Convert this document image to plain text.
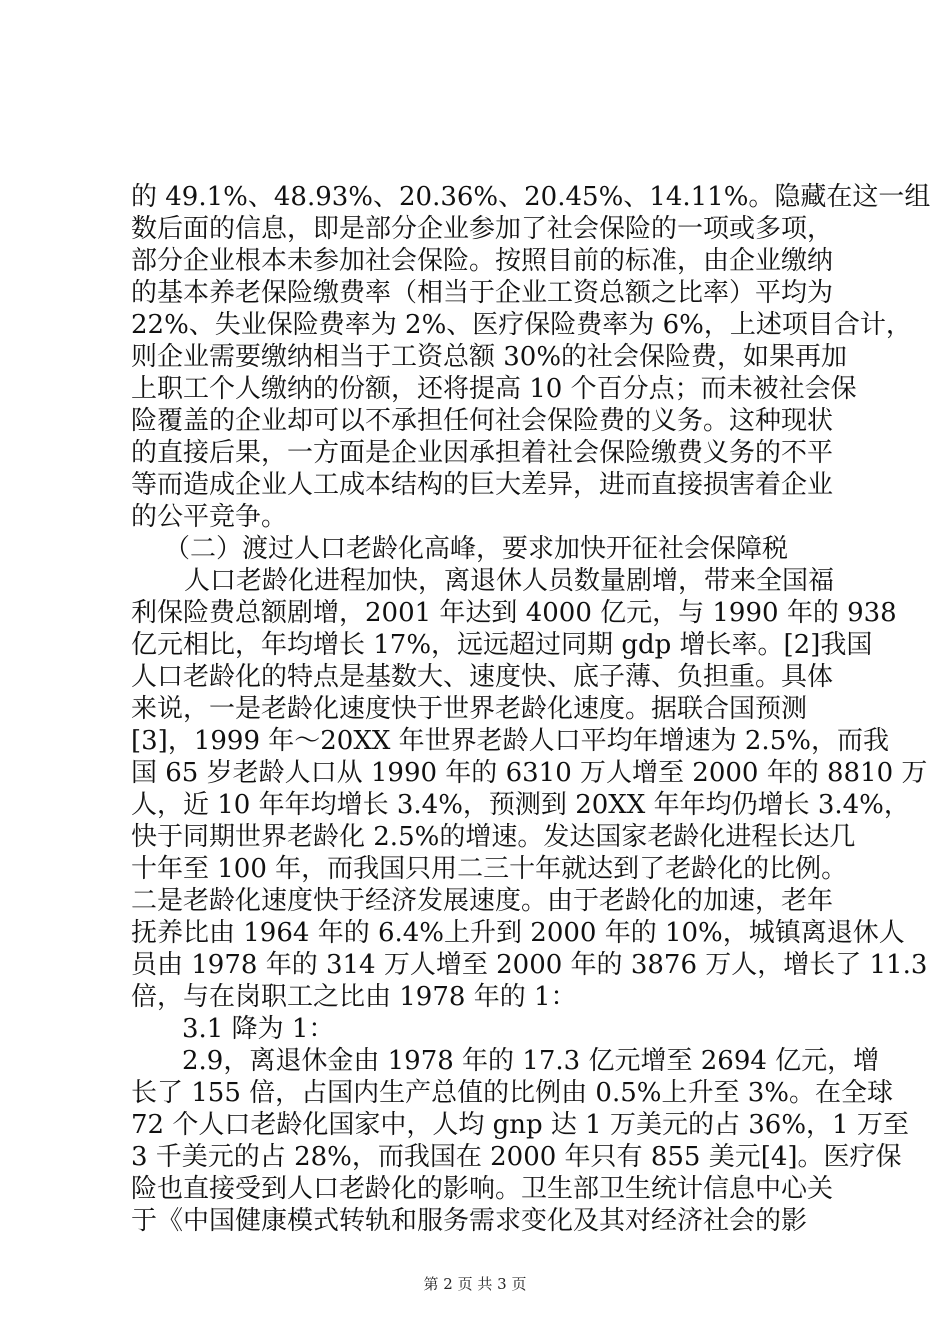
的 49.1%、48.93%、20.36%、20.45%、14.11%。隐藏在这一组
数后面的信息，即是部分企业参加了社会保险的一项或多项，
部分企业根本未参加社会保险。按照目前的标准，由企业缴纳
的基本养老保险缴费率（相当于企业工资总额之比率）平均为
22%、失业保险费率为 2%、医疗保险费率为 6%，上述项目合计，
则企业需要缴纳相当于工资总额 30%的社会保险费，如果再加
上职工个人缴纳的份额，还将提高 10 个百分点；而未被社会保
险覆盖的企业却可以不承担任何社会保险费的义务。这种现状
的直接后果，一方面是企业因承担着社会保险缴费义务的不平
等而造成企业人工成本结构的巨大差异，进而直接损害着企业
的公平竞争。
（二）渡过人口老龄化高峰，要求加快开征社会保障税
人口老龄化进程加快，离退休人员数量剧增，带来全国福
利保险费总额剧增，2001 年达到 4000 亿元，与 1990 年的 938
亿元相比，年均增长 17%，远远超过同期 gdp 增长率。[2]我国
人口老龄化的特点是基数大、速度快、底子薄、负担重。具体
来说，一是老龄化速度快于世界老龄化速度。据联合国预测
[3]，1999 年～20XX 年世界老龄人口平均年增速为 2.5%，而我
国 65 岁老龄人口从 1990 年的 6310 万人增至 2000 年的 8810 万
人，近 10 年年均增长 3.4%，预测到 20XX 年年均仍增长 3.4%，
快于同期世界老龄化 2.5%的增速。发达国家老龄化进程长达几
十年至 100 年，而我国只用二三十年就达到了老龄化的比例。
二是老龄化速度快于经济发展速度。由于老龄化的加速，老年
抚养比由 1964 年的 6.4%上升到 2000 年的 10%，城镇离退休人
员由 1978 年的 314 万人增至 2000 年的 3876 万人，增长了 11.3
倍，与在岗职工之比由 1978 年的 1：
3.1 降为 1：
2.9，离退休金由 1978 年的 17.3 亿元增至 2694 亿元，增
长了 155 倍，占国内生产总值的比例由 0.5%上升至 3%。在全球
72 个人口老龄化国家中，人均 gnp 达 1 万美元的占 36%，1 万至
3 千美元的占 28%，而我国在 2000 年只有 855 美元[4]。医疗保
险也直接受到人口老龄化的影响。卫生部卫生统计信息中心关
于《中国健康模式转轨和服务需求变化及其对经济社会的影
第 2 页 共 3 页
